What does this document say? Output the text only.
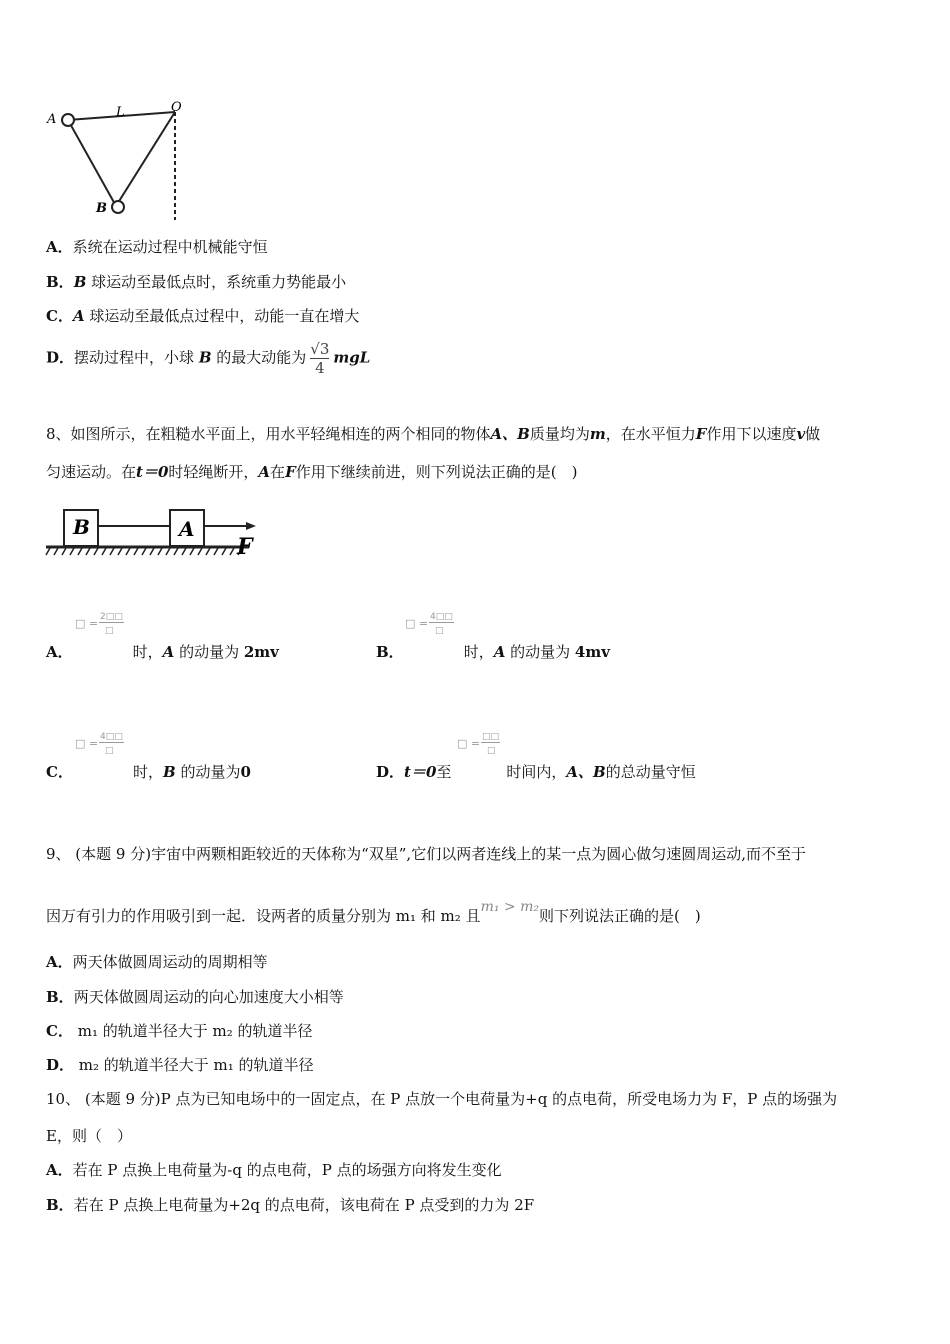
A	L	O
B
A．系统在运动过程中机械能守恒
B．B 球运动至最低点时，系统重力势能最小
C．A 球运动至最低点过程中，动能一直在增大
D．摆动过程中，小球 B 的最大动能为 $\frac{√3}{4}$ mgL
8、如图所示，在粗糙水平面上，用水平轻绳相连的两个相同的物体A、B质量均为m，在水平恒力F作用下以速度v做
匀速运动。在t＝0时轻绳断开，A在F作用下继续前进，则下列说法正确的是(　)
B	A
F
□ = 2□□
□
A．	时，A 的动量为 2mv
□ = 4□□
□
B．	时，A 的动量为 4mv
□ = 4□□
□
C．	时，B 的动量为0
□ = □□
□
D．t＝0至	时间内，A、B的总动量守恒
9、 (本题 9 分)宇宙中两颗相距较近的天体称为“双星”,它们以两者连线上的某一点为圆心做匀速圆周运动,而不至于
因万有引力的作用吸引到一起．设两者的质量分别为 m₁ 和 m₂ 且m₁ > m₂则下列说法正确的是(　)
A．两天体做圆周运动的周期相等
B．两天体做圆周运动的向心加速度大小相等
C． m₁ 的轨道半径大于 m₂ 的轨道半径
D． m₂ 的轨道半径大于 m₁ 的轨道半径
10、 (本题 9 分)P 点为已知电场中的一固定点，在 P 点放一个电荷量为+q 的点电荷，所受电场力为 F，P 点的场强为
E，则（　）
A．若在 P 点换上电荷量为-q 的点电荷，P 点的场强方向将发生变化
B．若在 P 点换上电荷量为+2q 的点电荷，该电荷在 P 点受到的力为 2F
